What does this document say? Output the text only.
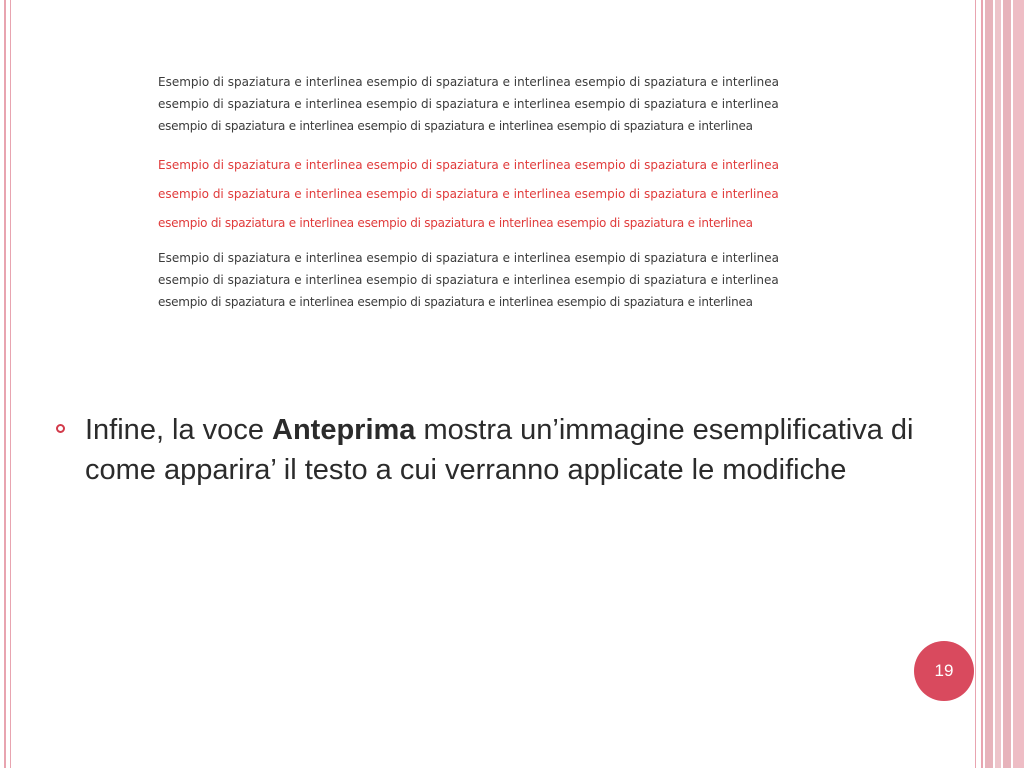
Esempio di spaziatura e interlinea esempio di spaziatura e interlinea esempio di spaziatura e interlinea
esempio di spaziatura e interlinea esempio di spaziatura e interlinea esempio di spaziatura e interlinea
esempio di spaziatura e interlinea esempio di spaziatura e interlinea esempio di spaziatura e interlinea
Esempio di spaziatura e interlinea esempio di spaziatura e interlinea esempio di spaziatura e interlinea
esempio di spaziatura e interlinea esempio di spaziatura e interlinea esempio di spaziatura e interlinea
esempio di spaziatura e interlinea esempio di spaziatura e interlinea esempio di spaziatura e interlinea
Esempio di spaziatura e interlinea esempio di spaziatura e interlinea esempio di spaziatura e interlinea
esempio di spaziatura e interlinea esempio di spaziatura e interlinea esempio di spaziatura e interlinea
esempio di spaziatura e interlinea esempio di spaziatura e interlinea esempio di spaziatura e interlinea
Infine, la voce Anteprima mostra un’immagine esemplificativa di come apparira’ il testo a cui verranno applicate le modifiche
19
